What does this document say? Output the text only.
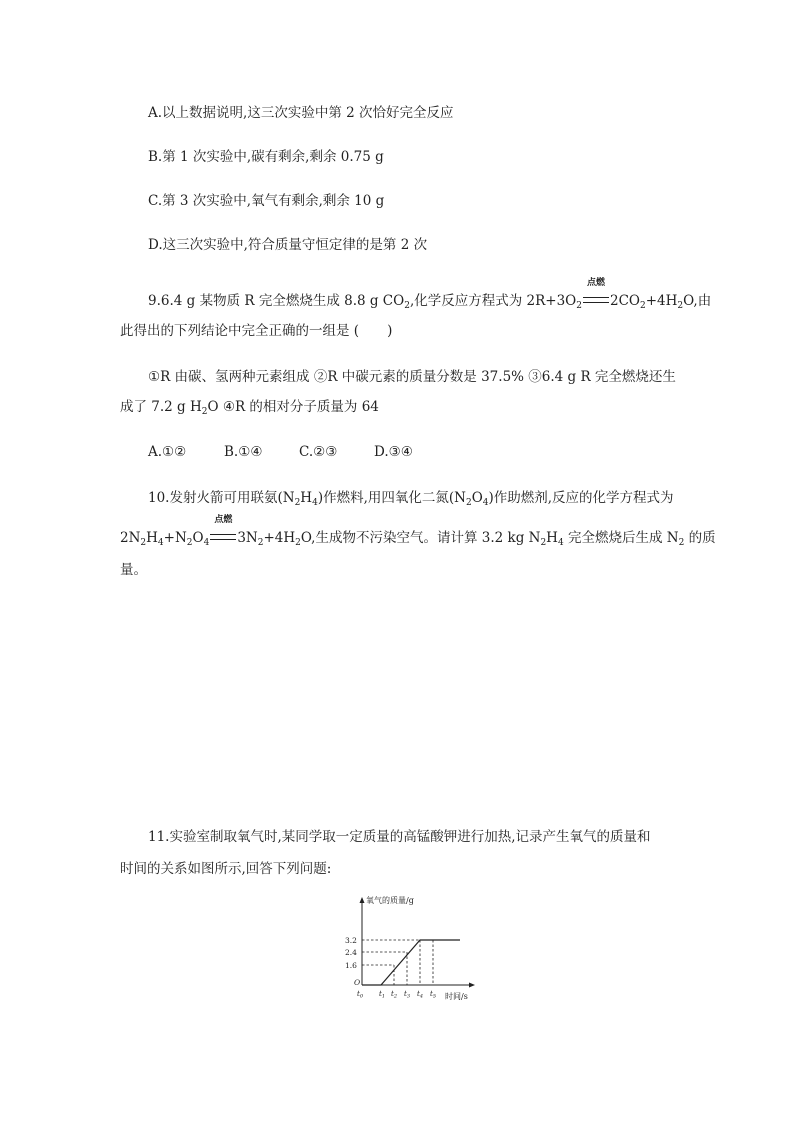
A.以上数据说明,这三次实验中第 2 次恰好完全反应
B.第 1 次实验中,碳有剩余,剩余 0.75 g
C.第 3 次实验中,氧气有剩余,剩余 10 g
D.这三次实验中,符合质量守恒定律的是第 2 次
9.6.4 g 某物质 R 完全燃烧生成 8.8 g $CO_2$,化学反应方程式为 $2R+3O_2$
点燃
$2CO_2+4H_2O$,由
此得出的下列结论中完全正确的一组是 ( )
①R 由碳、氢两种元素组成 ②R 中碳元素的质量分数是 37.5% ③6.4 g R 完全燃烧还生
成了 7.2 g $H_2O$ ④R 的相对分子质量为 64
A.①②	B.①④	C.②③	D.③④
10.发射火箭可用联氨$(N_2H_4)$作燃料,用四氧化二氮$(N_2O_4)$作助燃剂,反应的化学方程式为
$2N_2H_4+N_2O_4$
点燃
$3N_2+4H_2O$,生成物不污染空气。请计算 3.2 kg $N_2H_4$ 完全燃烧后生成 $N_2$ 的质
量。
11.实验室制取氧气时,某同学取一定质量的高锰酸钾进行加热,记录产生氧气的质量和
时间的关系如图所示,回答下列问题:
氧气的质量/g
时间/s
3.2
2.4
1.6
O
$t_0$ $t_1$ $t_2$ $t_3$ $t_4$ $t_5$
